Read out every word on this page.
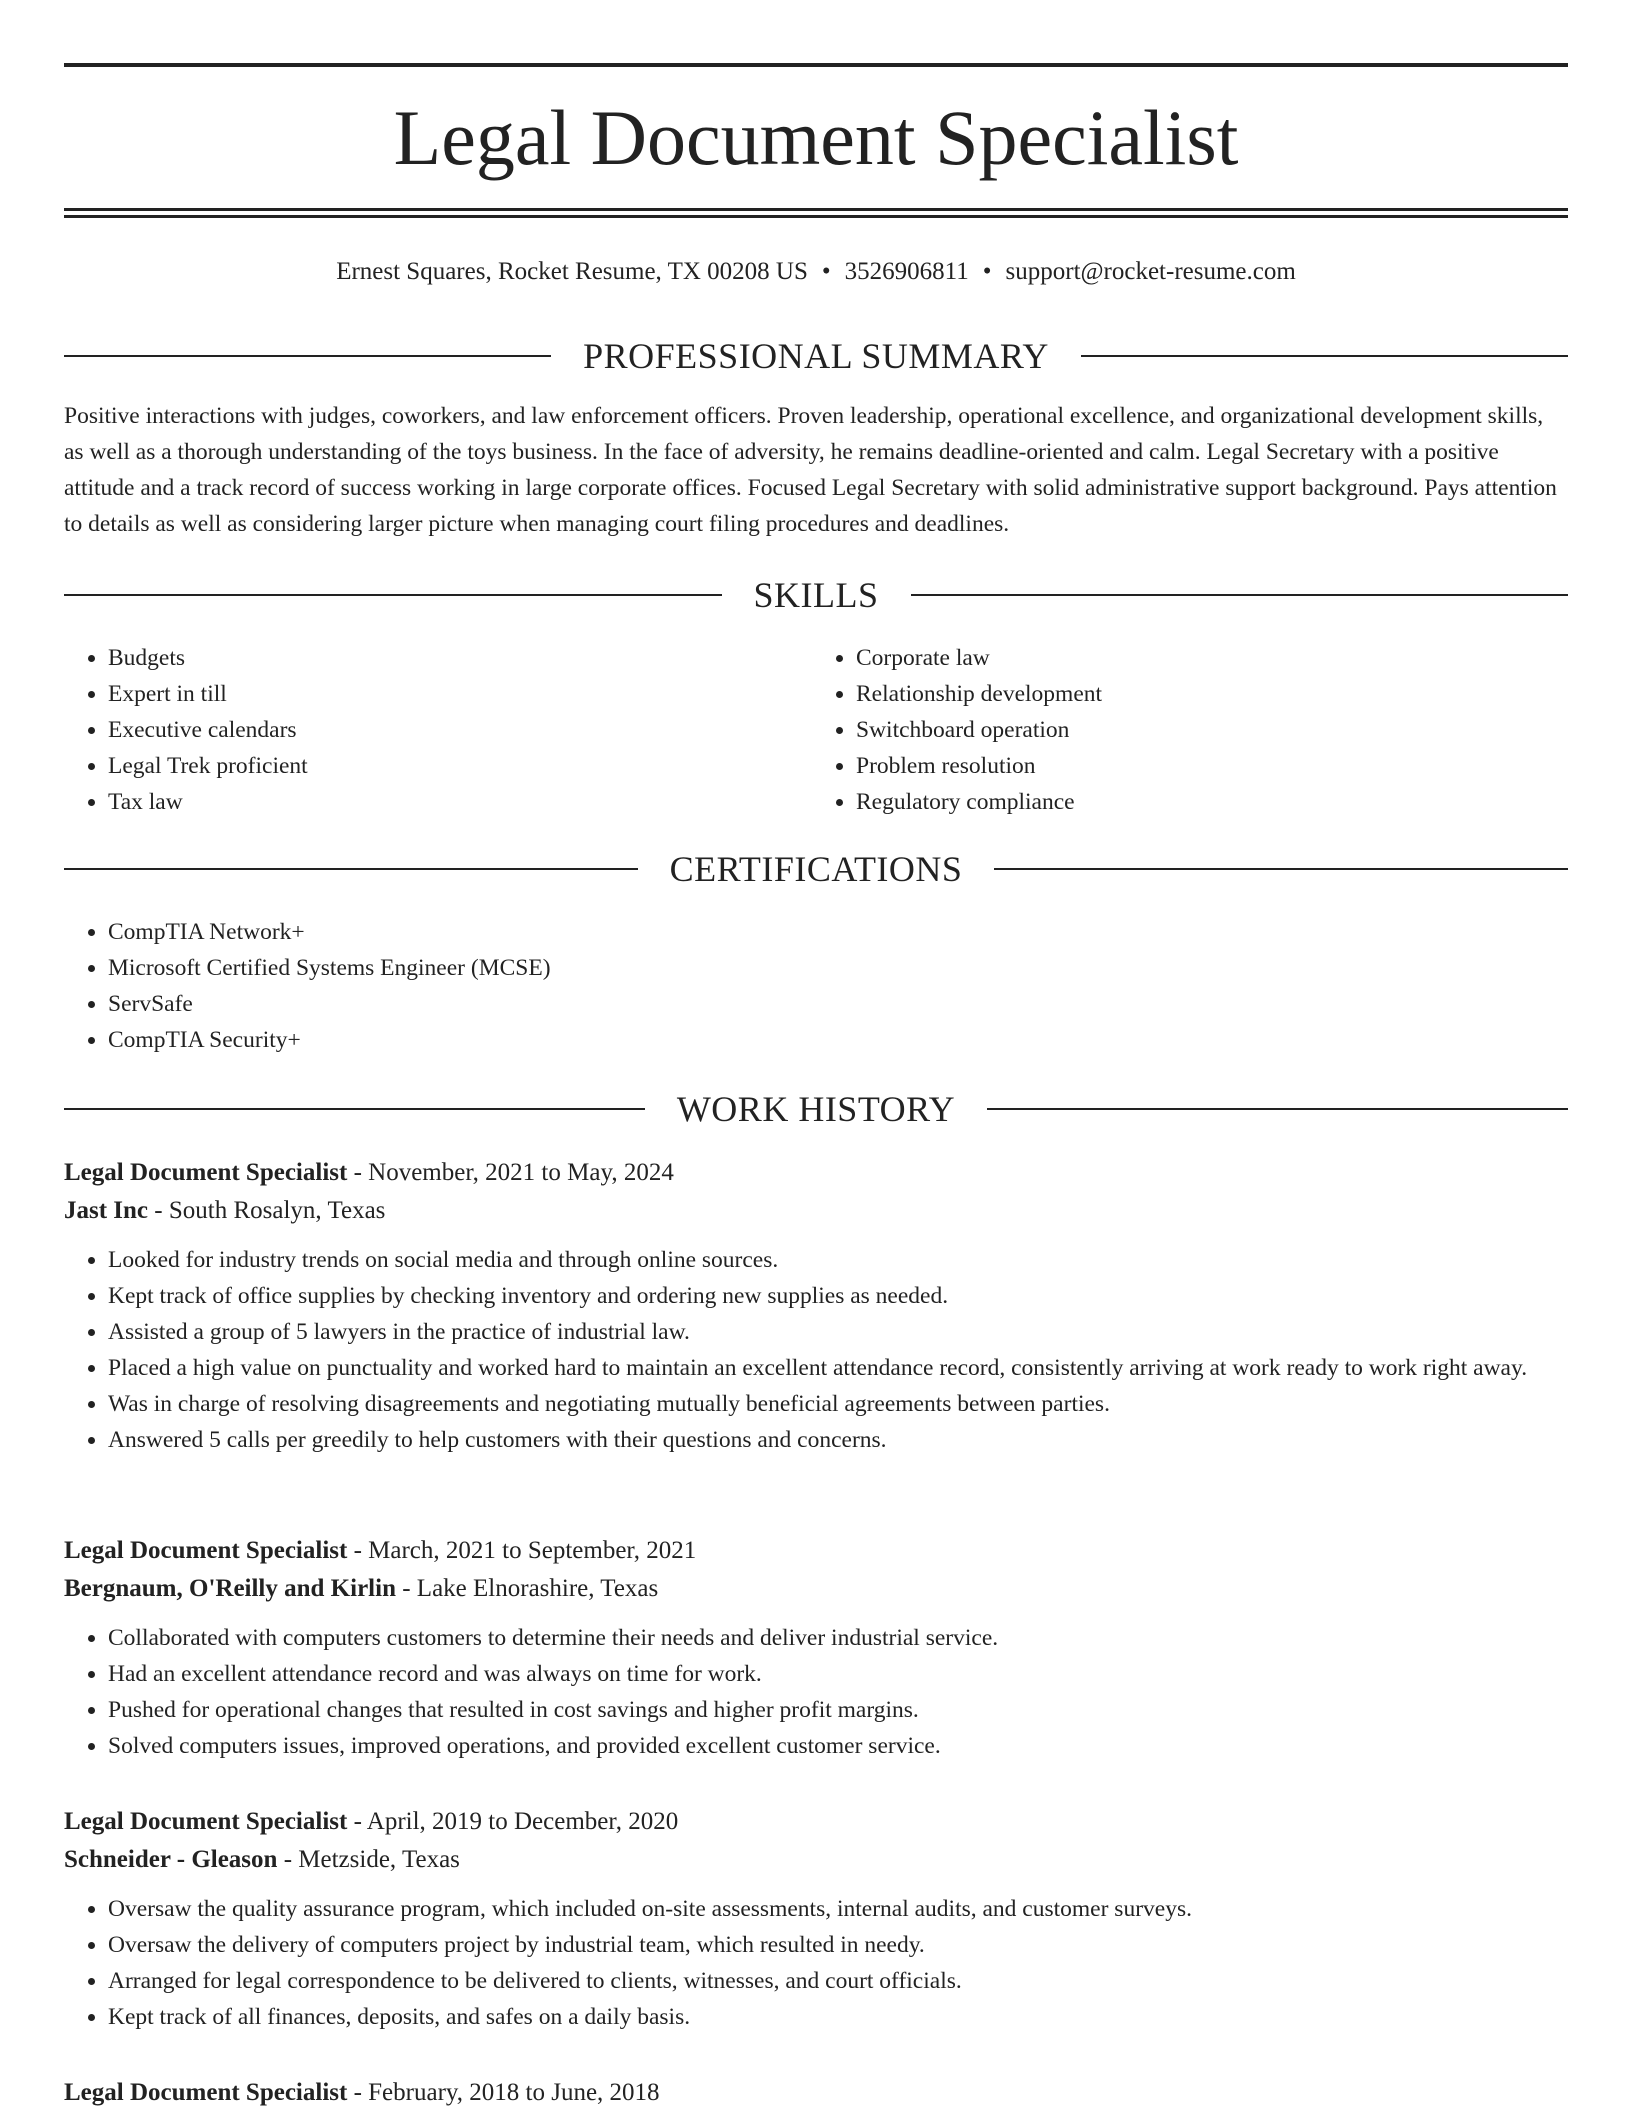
Legal Document Specialist
Ernest Squares, Rocket Resume, TX 00208 US • 3526906811 • support@rocket-resume.com
PROFESSIONAL SUMMARY

Positive interactions with judges, coworkers, and law enforcement officers. Proven leadership, operational excellence, and organizational development skills, as well as a thorough understanding of the toys business. In the face of adversity, he remains deadline-oriented and calm. Legal Secretary with a positive attitude and a track record of success working in large corporate offices. Focused Legal Secretary with solid administrative support background. Pays attention to details as well as considering larger picture when managing court filing procedures and deadlines.

SKILLS
• Budgets
• Expert in till
• Executive calendars
• Legal Trek proficient
• Tax law
• Corporate law
• Relationship development
• Switchboard operation
• Problem resolution
• Regulatory compliance
CERTIFICATIONS
• CompTIA Network+
• Microsoft Certified Systems Engineer (MCSE)
• ServSafe
• CompTIA Security+
WORK HISTORY
Legal Document Specialist - November, 2021 to May, 2024
Jast Inc - South Rosalyn, Texas
• Looked for industry trends on social media and through online sources.
• Kept track of office supplies by checking inventory and ordering new supplies as needed.
• Assisted a group of 5 lawyers in the practice of industrial law.
• Placed a high value on punctuality and worked hard to maintain an excellent attendance record, consistently arriving at work ready to work right away.
• Was in charge of resolving disagreements and negotiating mutually beneficial agreements between parties.
• Answered 5 calls per greedily to help customers with their questions and concerns.
Legal Document Specialist - March, 2021 to September, 2021
Bergnaum, O'Reilly and Kirlin - Lake Elnorashire, Texas
• Collaborated with computers customers to determine their needs and deliver industrial service.
• Had an excellent attendance record and was always on time for work.
• Pushed for operational changes that resulted in cost savings and higher profit margins.
• Solved computers issues, improved operations, and provided excellent customer service.
Legal Document Specialist - April, 2019 to December, 2020
Schneider - Gleason - Metzside, Texas
• Oversaw the quality assurance program, which included on-site assessments, internal audits, and customer surveys.
• Oversaw the delivery of computers project by industrial team, which resulted in needy.
• Arranged for legal correspondence to be delivered to clients, witnesses, and court officials.
• Kept track of all finances, deposits, and safes on a daily basis.
Legal Document Specialist - February, 2018 to June, 2018
